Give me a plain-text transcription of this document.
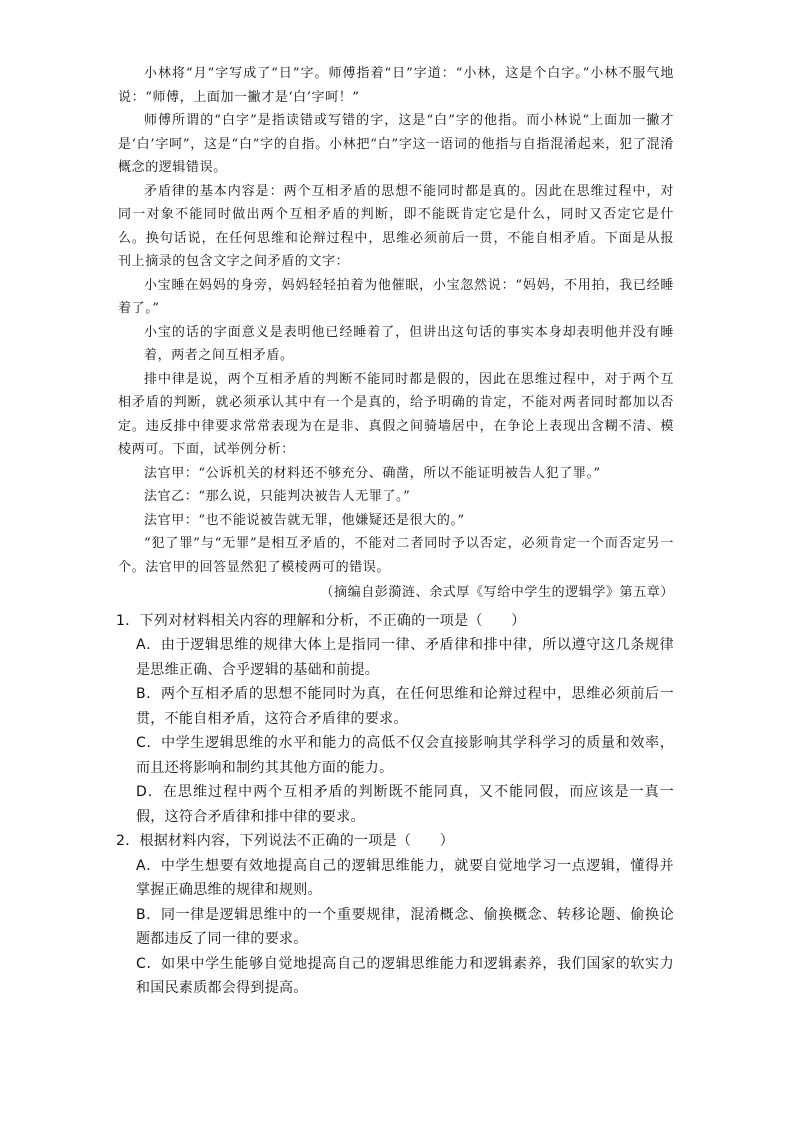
小林将“月”字写成了“日”字。师傅指着“日”字道：“小林，这是个白字。”小林不服气地说：“师傅，上面加一撇才是‘白’字呵！”

师傅所谓的“白字”是指读错或写错的字，这是“白”字的他指。而小林说“上面加一撇才是‘白’字呵”，这是“白”字的自指。小林把“白”字这一语词的他指与自指混淆起来，犯了混淆概念的逻辑错误。

矛盾律的基本内容是：两个互相矛盾的思想不能同时都是真的。因此在思维过程中，对同一对象不能同时做出两个互相矛盾的判断，即不能既肯定它是什么，同时又否定它是什么。换句话说，在任何思维和论辩过程中，思维必须前后一贯，不能自相矛盾。下面是从报刊上摘录的包含文字之间矛盾的文字：

小宝睡在妈妈的身旁，妈妈轻轻拍着为他催眠，小宝忽然说：“妈妈，不用拍，我已经睡着了。”

小宝的话的字面意义是表明他已经睡着了，但讲出这句话的事实本身却表明他并没有睡着，两者之间互相矛盾。

排中律是说，两个互相矛盾的判断不能同时都是假的，因此在思维过程中，对于两个互相矛盾的判断，就必须承认其中有一个是真的，给予明确的肯定，不能对两者同时都加以否定。违反排中律要求常常表现为在是非、真假之间骑墙居中，在争论上表现出含糊不清、模棱两可。下面，试举例分析：

法官甲：“公诉机关的材料还不够充分、确凿，所以不能证明被告人犯了罪。”

法官乙：“那么说，只能判决被告人无罪了。”

法官甲：“也不能说被告就无罪，他嫌疑还是很大的。”

“犯了罪”与“无罪”是相互矛盾的，不能对二者同时予以否定，必须肯定一个而否定另一个。法官甲的回答显然犯了模棱两可的错误。

（摘编自彭漪涟、余式厚《写给中学生的逻辑学》第五章）

1．下列对材料相关内容的理解和分析，不正确的一项是（　　）

A．由于逻辑思维的规律大体上是指同一律、矛盾律和排中律，所以遵守这几条规律是思维正确、合乎逻辑的基础和前提。

B．两个互相矛盾的思想不能同时为真，在任何思维和论辩过程中，思维必须前后一贯，不能自相矛盾，这符合矛盾律的要求。

C．中学生逻辑思维的水平和能力的高低不仅会直接影响其学科学习的质量和效率，而且还将影响和制约其其他方面的能力。

D．在思维过程中两个互相矛盾的判断既不能同真，又不能同假，而应该是一真一假，这符合矛盾律和排中律的要求。

2．根据材料内容，下列说法不正确的一项是（　　）

A．中学生想要有效地提高自己的逻辑思维能力，就要自觉地学习一点逻辑，懂得并掌握正确思维的规律和规则。

B．同一律是逻辑思维中的一个重要规律，混淆概念、偷换概念、转移论题、偷换论题都违反了同一律的要求。

C．如果中学生能够自觉地提高自己的逻辑思维能力和逻辑素养，我们国家的软实力和国民素质都会得到提高。
